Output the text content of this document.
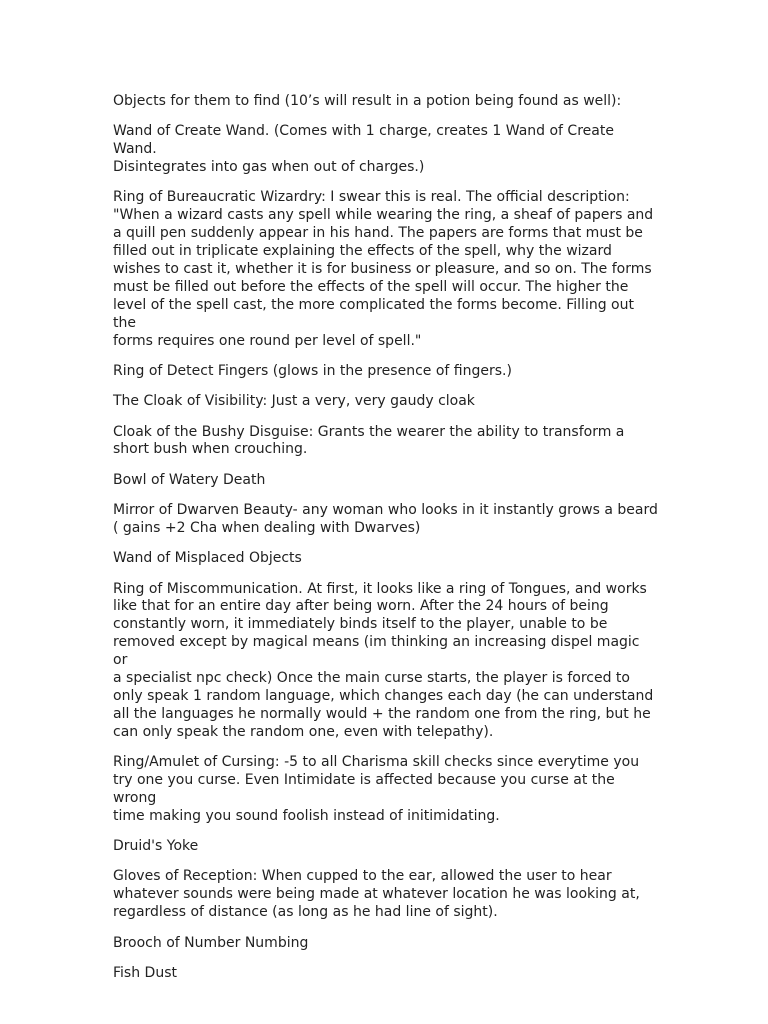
Objects for them to find (10’s will result in a potion being found as well):

Wand of Create Wand. (Comes with 1 charge, creates 1 Wand of Create Wand.
Disintegrates into gas when out of charges.)

Ring of Bureaucratic Wizardry: I swear this is real. The official description:
"When a wizard casts any spell while wearing the ring, a sheaf of papers and
a quill pen suddenly appear in his hand. The papers are forms that must be
filled out in triplicate explaining the effects of the spell, why the wizard
wishes to cast it, whether it is for business or pleasure, and so on. The forms
must be filled out before the effects of the spell will occur. The higher the
level of the spell cast, the more complicated the forms become. Filling out the
forms requires one round per level of spell."

Ring of Detect Fingers (glows in the presence of fingers.)

The Cloak of Visibility: Just a very, very gaudy cloak

Cloak of the Bushy Disguise: Grants the wearer the ability to transform a
short bush when crouching.

Bowl of Watery Death

Mirror of Dwarven Beauty- any woman who looks in it instantly grows a beard
( gains +2 Cha when dealing with Dwarves)

Wand of Misplaced Objects

Ring of Miscommunication. At first, it looks like a ring of Tongues, and works
like that for an entire day after being worn. After the 24 hours of being
constantly worn, it immediately binds itself to the player, unable to be
removed except by magical means (im thinking an increasing dispel magic or
a specialist npc check) Once the main curse starts, the player is forced to
only speak 1 random language, which changes each day (he can understand
all the languages he normally would + the random one from the ring, but he
can only speak the random one, even with telepathy).

Ring/Amulet of Cursing: -5 to all Charisma skill checks since everytime you
try one you curse. Even Intimidate is affected because you curse at the wrong
time making you sound foolish instead of initimidating.

Druid's Yoke

Gloves of Reception: When cupped to the ear, allowed the user to hear
whatever sounds were being made at whatever location he was looking at,
regardless of distance (as long as he had line of sight).

Brooch of Number Numbing

Fish Dust
